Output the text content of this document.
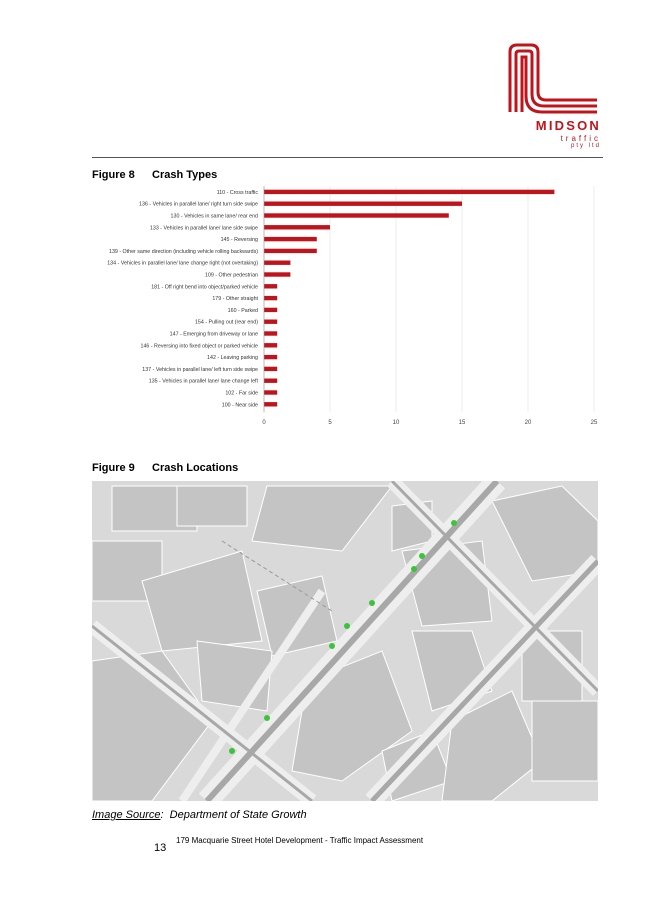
MIDSON
traffic
pty ltd
Figure 8 Crash Types
0	5	10	15	20	25
110 - Cross traffic
136 - Vehicles in parallel lane/ right turn side swipe
130 - Vehicles in same lane/ rear end
133 - Vehicles in parallel lane/ lane side swipe
145 - Reversing
139 - Other same direction (including vehicle rolling backwards)
134 - Vehicles in parallel lane/ lane change right (not overtaking)
109 - Other pedestrian
181 - Off right bend into object/parked vehicle
179 - Other straight
160 - Parked
154 - Pulling out (rear end)
147 - Emerging from driveway or lane
146 - Reversing into fixed object or parked vehicle
142 - Leaving parking
137 - Vehicles in parallel lane/ left turn side swipe
135 - Vehicles in parallel lane/ lane change left
102 - Far side
100 - Near side
Figure 9 Crash Locations
Image Source:  Department of State Growth
13
179 Macquarie Street Hotel Development - Traffic Impact Assessment
